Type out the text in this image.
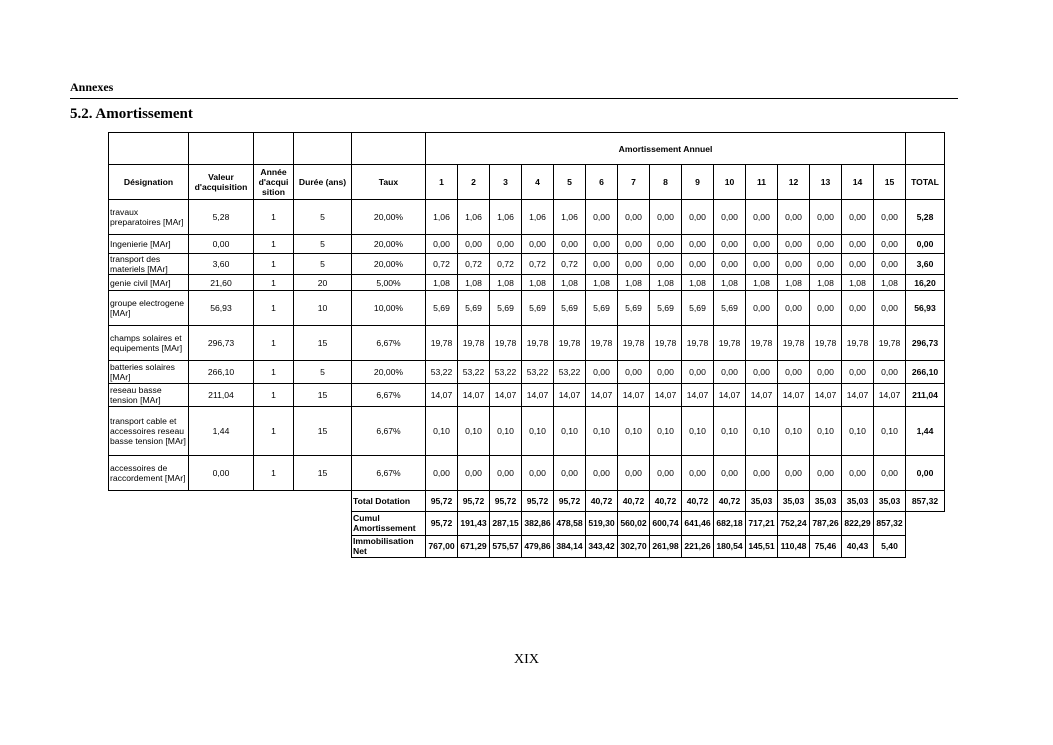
Annexes
5.2. Amortissement
					Amortissement Annuel															
Désignation	Valeur d'acquisition	Année d'acqui sition	Durée (ans)	Taux	1	2	3	4	5	6	7	8	9	10	11	12	13	14	15	TOTAL
travaux preparatoires [MAr]	5,28	1	5	20,00%	1,06	1,06	1,06	1,06	1,06	0,00	0,00	0,00	0,00	0,00	0,00	0,00	0,00	0,00	0,00	5,28
Ingenierie [MAr]	0,00	1	5	20,00%	0,00	0,00	0,00	0,00	0,00	0,00	0,00	0,00	0,00	0,00	0,00	0,00	0,00	0,00	0,00	0,00
transport des materiels [MAr]	3,60	1	5	20,00%	0,72	0,72	0,72	0,72	0,72	0,00	0,00	0,00	0,00	0,00	0,00	0,00	0,00	0,00	0,00	3,60
genie civil [MAr]	21,60	1	20	5,00%	1,08	1,08	1,08	1,08	1,08	1,08	1,08	1,08	1,08	1,08	1,08	1,08	1,08	1,08	1,08	16,20
groupe electrogene [MAr]	56,93	1	10	10,00%	5,69	5,69	5,69	5,69	5,69	5,69	5,69	5,69	5,69	5,69	0,00	0,00	0,00	0,00	0,00	56,93
champs solaires et equipements [MAr]	296,73	1	15	6,67%	19,78	19,78	19,78	19,78	19,78	19,78	19,78	19,78	19,78	19,78	19,78	19,78	19,78	19,78	19,78	296,73
batteries solaires [MAr]	266,10	1	5	20,00%	53,22	53,22	53,22	53,22	53,22	0,00	0,00	0,00	0,00	0,00	0,00	0,00	0,00	0,00	0,00	266,10
reseau basse tension [MAr]	211,04	1	15	6,67%	14,07	14,07	14,07	14,07	14,07	14,07	14,07	14,07	14,07	14,07	14,07	14,07	14,07	14,07	14,07	211,04
transport cable et accessoires reseau basse tension [MAr]	1,44	1	15	6,67%	0,10	0,10	0,10	0,10	0,10	0,10	0,10	0,10	0,10	0,10	0,10	0,10	0,10	0,10	0,10	1,44
accessoires de raccordement [MAr]	0,00	1	15	6,67%	0,00	0,00	0,00	0,00	0,00	0,00	0,00	0,00	0,00	0,00	0,00	0,00	0,00	0,00	0,00	0,00
				Total Dotation	95,72	95,72	95,72	95,72	95,72	40,72	40,72	40,72	40,72	40,72	35,03	35,03	35,03	35,03	35,03	857,32
				Cumul Amortissement	95,72	191,43	287,15	382,86	478,58	519,30	560,02	600,74	641,46	682,18	717,21	752,24	787,26	822,29	857,32	
				Immobilisation Net	767,00	671,29	575,57	479,86	384,14	343,42	302,70	261,98	221,26	180,54	145,51	110,48	75,46	40,43	5,40	
XIX
